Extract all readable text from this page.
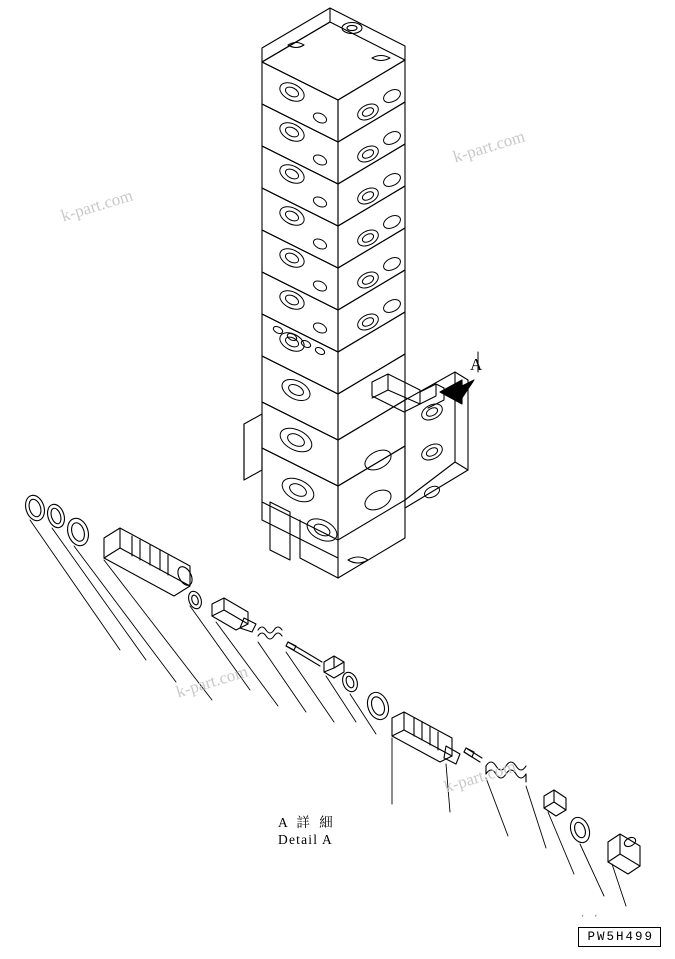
k-part.com
k-part.com
k-part.com
k-part.com
A
A 詳 細
Detail A
· ·
PW5H499
